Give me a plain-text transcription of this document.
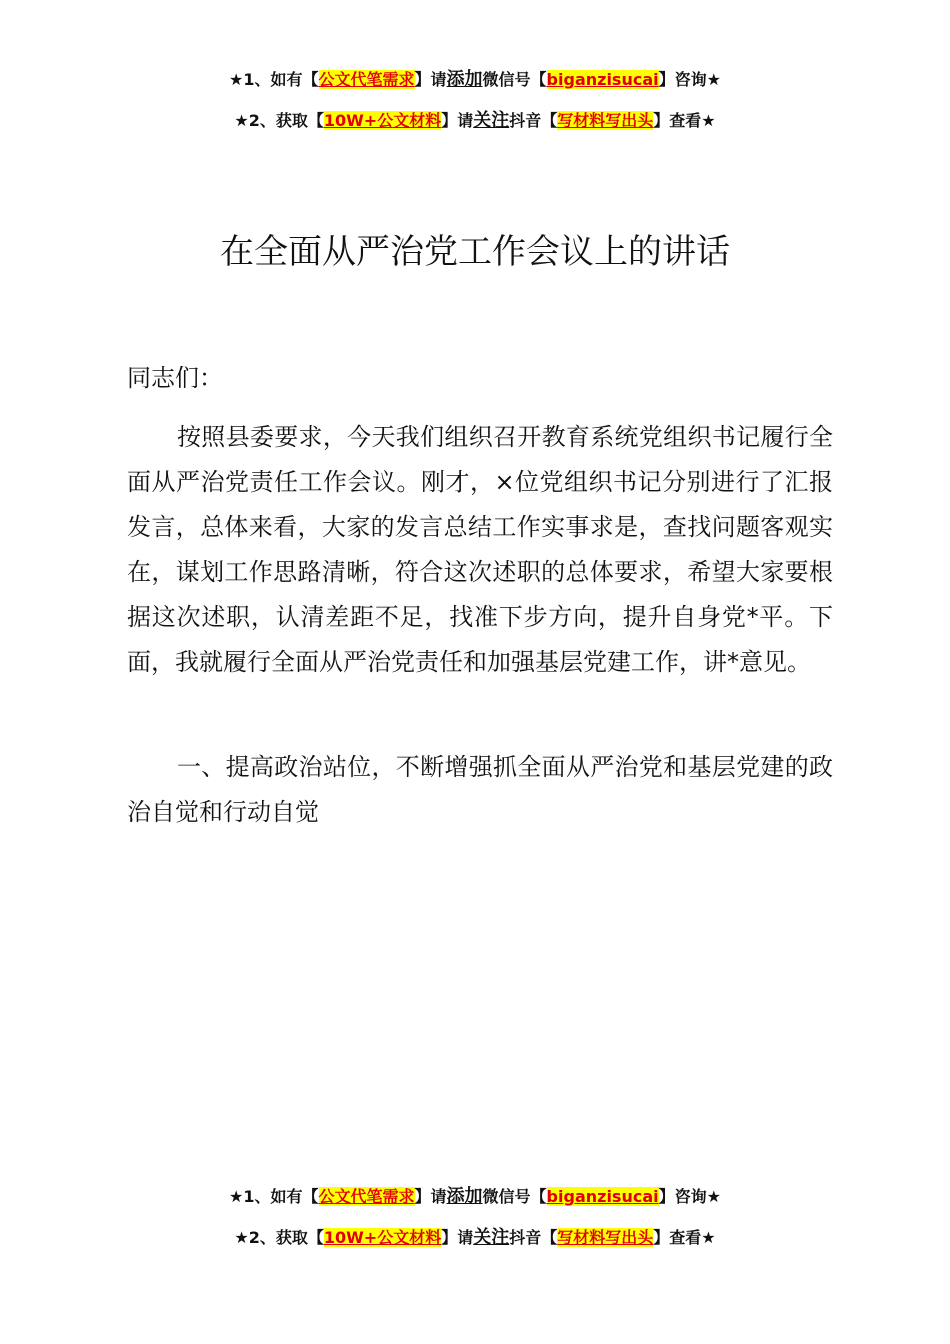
★1、如有【公文代笔需求】请添加微信号【biganzisucai】咨询★
★2、获取【10W+公文材料】请关注抖音【写材料写出头】查看★
在全面从严治党工作会议上的讲话
同志们：
按照县委要求，今天我们组织召开教育系统党组织书记履行全面从严治党责任工作会议。刚才，×位党组织书记分别进行了汇报发言，总体来看，大家的发言总结工作实事求是，查找问题客观实在，谋划工作思路清晰，符合这次述职的总体要求，希望大家要根据这次述职，认清差距不足，找准下步方向，提升自身党*平。下面，我就履行全面从严治党责任和加强基层党建工作，讲*意见。
一、提高政治站位，不断增强抓全面从严治党和基层党建的政治自觉和行动自觉
★1、如有【公文代笔需求】请添加微信号【biganzisucai】咨询★
★2、获取【10W+公文材料】请关注抖音【写材料写出头】查看★
